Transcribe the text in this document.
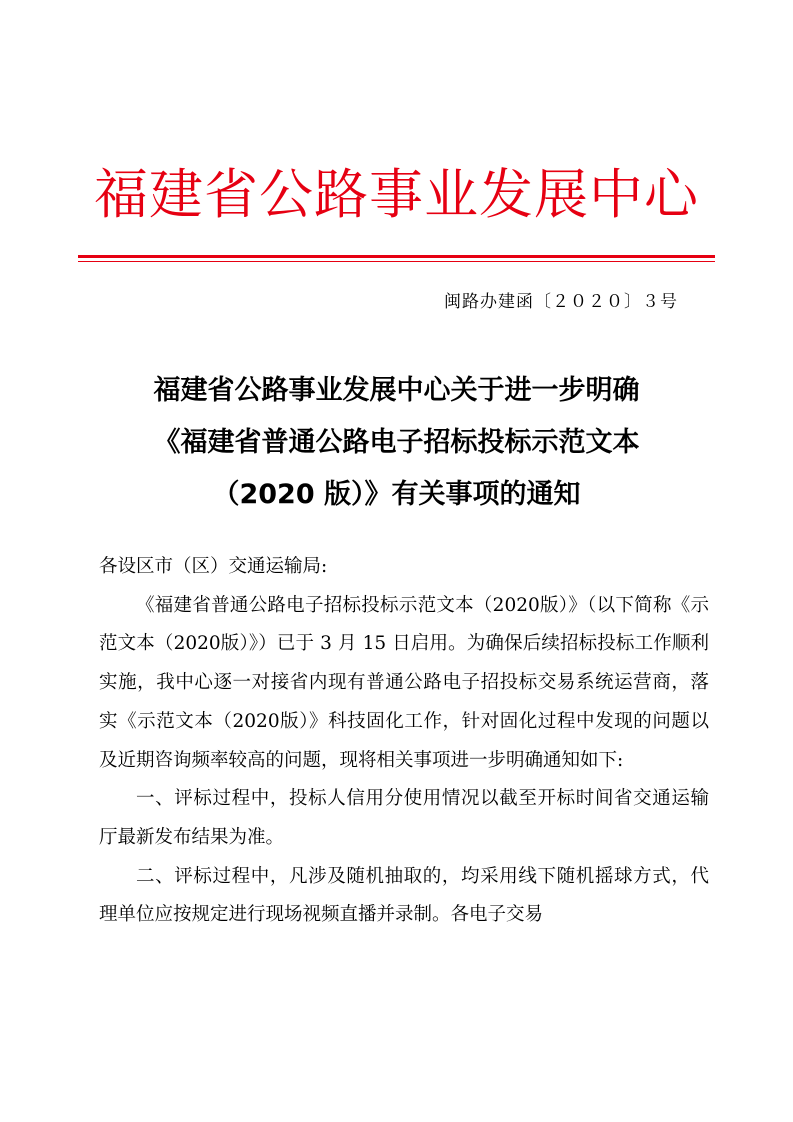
福建省公路事业发展中心
闽路办建函〔２０２０〕３号
福建省公路事业发展中心关于进一步明确
《福建省普通公路电子招标投标示范文本
（2020 版）》有关事项的通知

各设区市（区）交通运输局:

《福建省普通公路电子招标投标示范文本（2020版）》（以下简称《示范文本（2020版）》）已于 3 月 15 日启用。为确保后续招标投标工作顺利实施，我中心逐一对接省内现有普通公路电子招投标交易系统运营商，落实《示范文本（2020版）》科技固化工作，针对固化过程中发现的问题以及近期咨询频率较高的问题，现将相关事项进一步明确通知如下:

一、评标过程中，投标人信用分使用情况以截至开标时间省交通运输厅最新发布结果为准。

二、评标过程中，凡涉及随机抽取的，均采用线下随机摇球方式，代理单位应按规定进行现场视频直播并录制。各电子交易
